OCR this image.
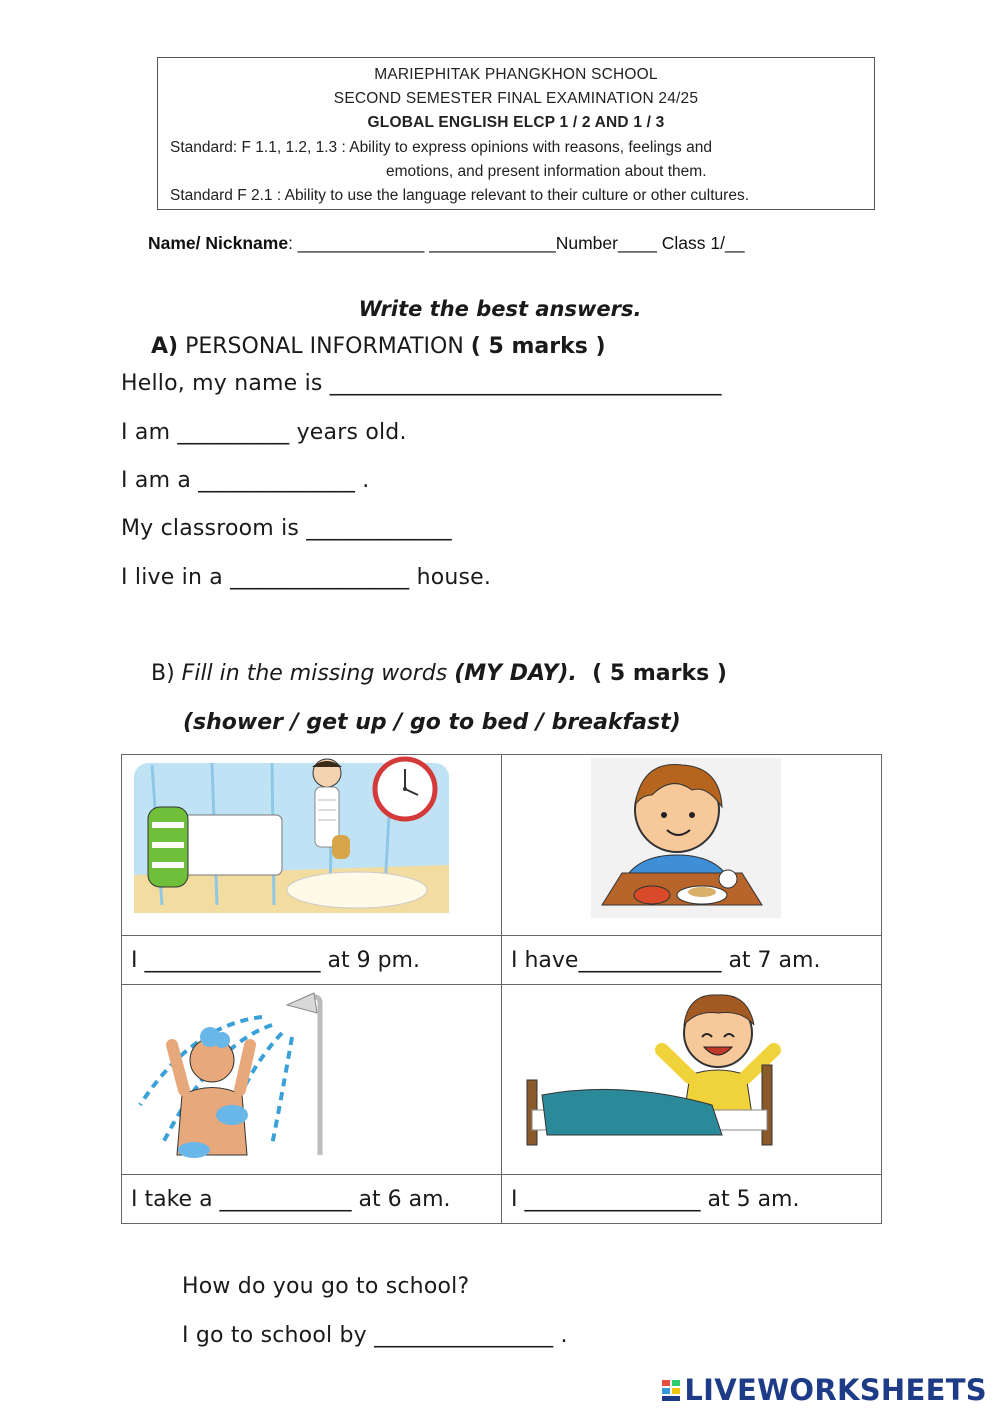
MARIEPHITAK PHANGKHON SCHOOL
SECOND SEMESTER FINAL EXAMINATION 24/25
GLOBAL ENGLISH ELCP 1 / 2 AND 1 / 3
Standard: F 1.1, 1.2, 1.3 : Ability to express opinions with reasons, feelings and
emotions, and present information about them.
Standard F 2.1 : Ability to use the language relevant to their culture or other cultures.
Name/ Nickname: _____________ _____________Number____ Class 1/__
Write the best answers.
A) PERSONAL INFORMATION ( 5 marks )
Hello, my name is ___________________________________
I am __________ years old.
I am a ______________ .
My classroom is _____________
I live in a ________________ house.
B) Fill in the missing words (MY DAY).  ( 5 marks )
(shower / get up / go to bed / breakfast)

I ________________ at 9 pm.	I have_____________ at 7 am.

I take a ____________ at 6 am.	I ________________ at 5 am.
How do you go to school?
I go to school by ________________ .
LIVEWORKSHEETS
